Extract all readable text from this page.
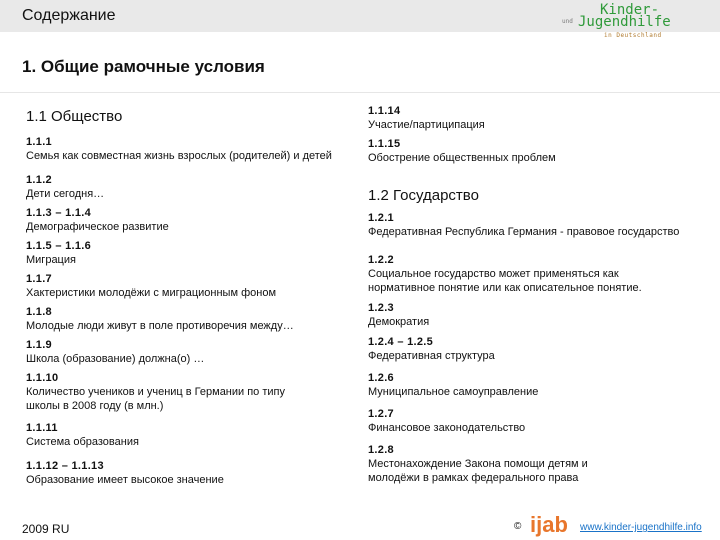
Содержание	Kinder-
und Jugendhilfe
in Deutschland
1. Общие рамочные условия

1.1 Общество

1.1.1
Семья как совместная жизнь взрослых (родителей) и детей
1.1.2
Дети сегодня…
1.1.3 – 1.1.4
Демографическое развитие
1.1.5 – 1.1.6
Миграция
1.1.7
Хактеристики молодёжи с миграционным фоном
1.1.8
Молодые люди живут в поле противоречия между…
1.1.9
Школа (образование) должна(о) …
1.1.10
Количество учеников и учениц в Германии по типу
школы в 2008 году (в млн.)
1.1.11
Система образования
1.1.12 – 1.1.13
Образование имеет высокое значение
1.1.14
Участие/партиципация
1.1.15
Обострение общественных проблем

1.2 Государство

1.2.1
Федеративная Республика Германия - правовое государство
1.2.2
Социальное государство может применяться как
нормативное понятие или как описательное понятие.
1.2.3
Демократия
1.2.4 – 1.2.5
Федеративная структура
1.2.6
Муниципальное самоуправление
1.2.7
Финансовое законодательство
1.2.8
Местонахождение Закона помощи детям и
молодёжи в рамках федерального права
2009 RU	© ijab www.kinder-jugendhilfe.info
